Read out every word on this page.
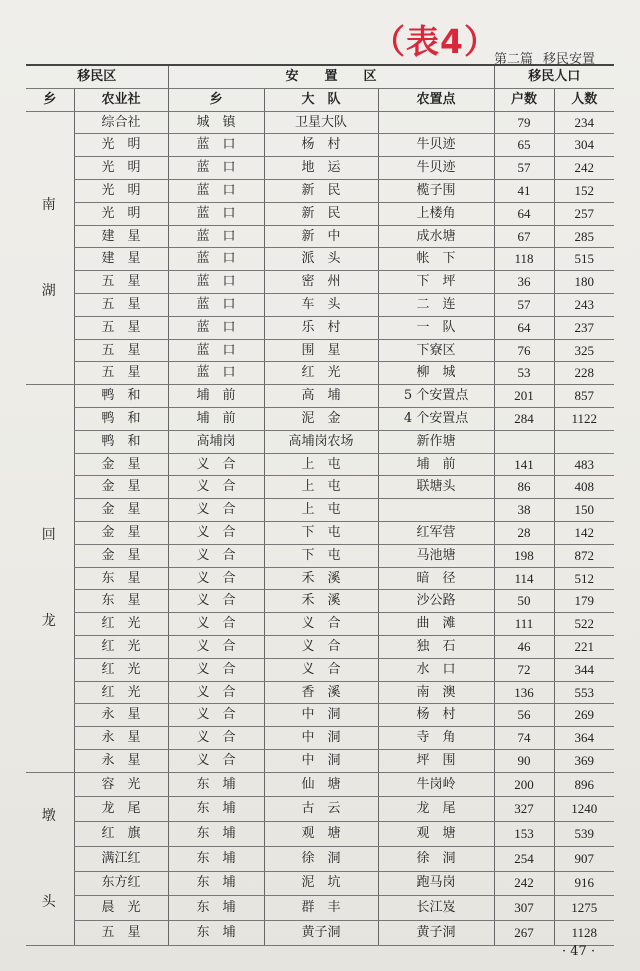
（表4）
第二篇 移民安置
移民区		安　　置　　区			移民人口	
乡	农业社	乡	大　队	农置点	户数	人数

南
湖	综合社	城　镇	卫星大队		79	234
	光　明	蓝　口	杨　村	牛贝迹	65	304
	光　明	蓝　口	地　运	牛贝迹	57	242
	光　明	蓝　口	新　民	榄子围	41	152
	光　明	蓝　口	新　民	上楼角	64	257
	建　星	蓝　口	新　中	成水塘	67	285
	建　星	蓝　口	派　头	帐　下	118	515
	五　星	蓝　口	密　州	下　坪	36	180
	五　星	蓝　口	车　头	二　连	57	243
	五　星	蓝　口	乐　村	一　队	64	237
	五　星	蓝　口	围　星	下寮区	76	325
	五　星	蓝　口	红　光	柳　城	53	228

回
龙	鸭　和	埔　前	高　埔	5 个安置点	201	857
	鸭　和	埔　前	泥　金	4 个安置点	284	1122
	鸭　和	高埔岗	高埔岗农场	新作塘		
	金　星	义　合	上　屯	埔　前	141	483
	金　星	义　合	上　屯	联塘头	86	408
	金　星	义　合	上　屯		38	150
	金　星	义　合	下　屯	红军营	28	142
	金　星	义　合	下　屯	马池塘	198	872
	东　星	义　合	禾　溪	暗　径	114	512
	东　星	义　合	禾　溪	沙公路	50	179
	红　光	义　合	义　合	曲　滩	111	522
	红　光	义　合	义　合	独　石	46	221
	红　光	义　合	义　合	水　口	72	344
	红　光	义　合	香　溪	南　澳	136	553
	永　星	义　合	中　洞	杨　村	56	269
	永　星	义　合	中　洞	寺　角	74	364
	永　星	义　合	中　洞	坪　围	90	369

墩
头	容　光	东　埔	仙　塘	牛岗岭	200	896
	龙　尾	东　埔	古　云	龙　尾	327	1240
	红　旗	东　埔	观　塘	观　塘	153	539
	满江红	东　埔	徐　洞	徐　洞	254	907
	东方红	东　埔	泥　坑	跑马岗	242	916
	晨　光	东　埔	群　丰	长江岌	307	1275
	五　星	东　埔	黄子洞	黄子洞	267	1128
· 47 ·
